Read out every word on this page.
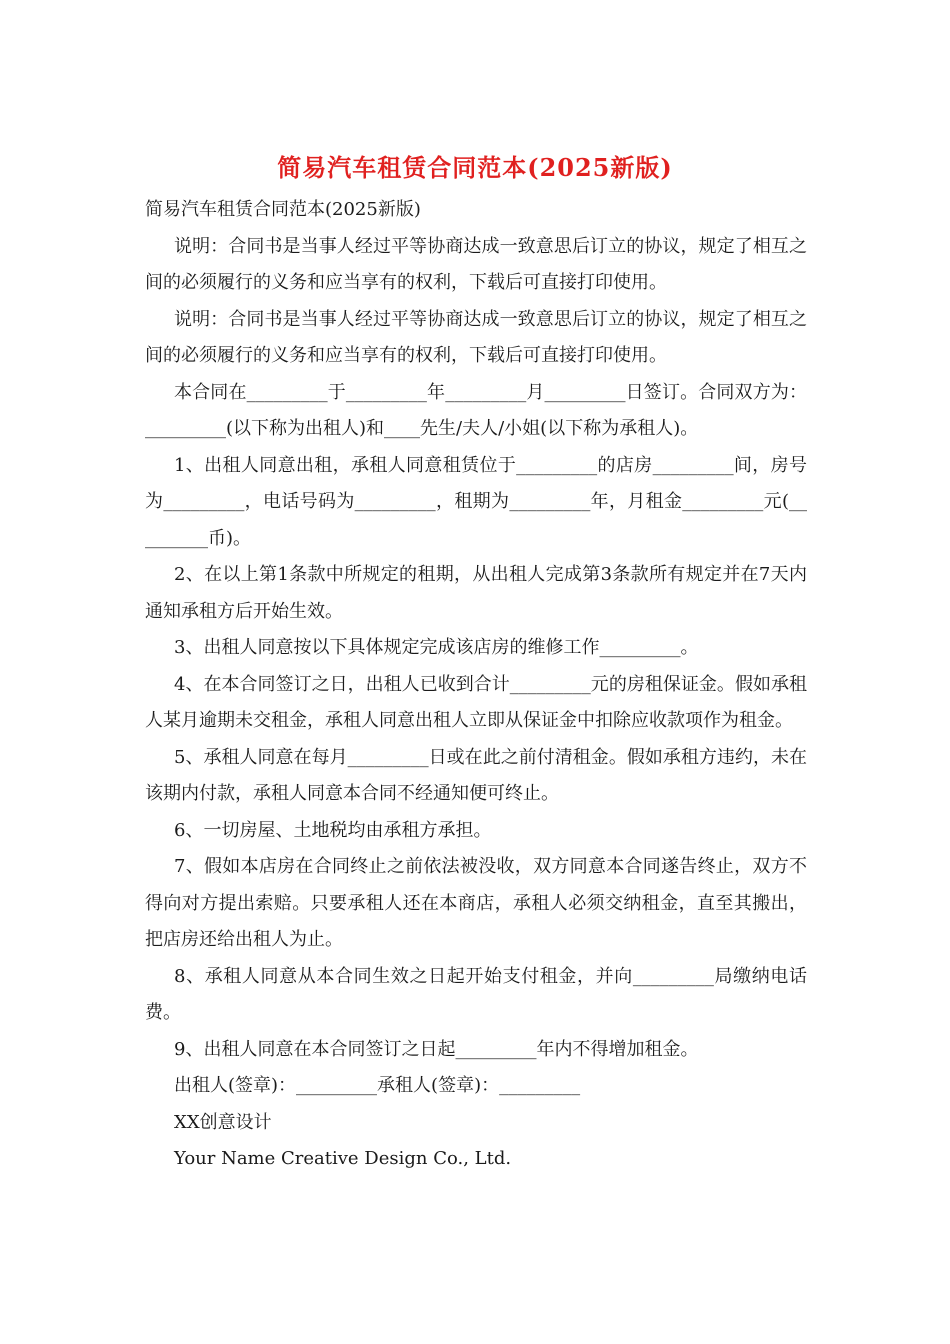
简易汽车租赁合同范本(2025新版)

简易汽车租赁合同范本(2025新版)

说明：合同书是当事人经过平等协商达成一致意思后订立的协议，规定了相互之间的必须履行的义务和应当享有的权利，下载后可直接打印使用。

说明：合同书是当事人经过平等协商达成一致意思后订立的协议，规定了相互之间的必须履行的义务和应当享有的权利，下载后可直接打印使用。

本合同在_________于_________年_________月_________日签订。合同双方为：_________(以下称为出租人)和____先生/夫人/小姐(以下称为承租人)。

1、出租人同意出租，承租人同意租赁位于_________的店房_________间，房号为_________，电话号码为_________，租期为_________年，月租金_________元(_________币)。

2、在以上第1条款中所规定的租期，从出租人完成第3条款所有规定并在7天内通知承租方后开始生效。

3、出租人同意按以下具体规定完成该店房的维修工作_________。

4、在本合同签订之日，出租人已收到合计_________元的房租保证金。假如承租人某月逾期未交租金，承租人同意出租人立即从保证金中扣除应收款项作为租金。

5、承租人同意在每月_________日或在此之前付清租金。假如承租方违约，未在该期内付款，承租人同意本合同不经通知便可终止。

6、一切房屋、土地税均由承租方承担。

7、假如本店房在合同终止之前依法被没收，双方同意本合同遂告终止，双方不得向对方提出索赔。只要承租人还在本商店，承租人必须交纳租金，直至其搬出，把店房还给出租人为止。

8、承租人同意从本合同生效之日起开始支付租金，并向_________局缴纳电话费。

9、出租人同意在本合同签订之日起_________年内不得增加租金。

出租人(签章)：_________承租人(签章)：_________

XX创意设计

Your Name Creative Design Co., Ltd.
